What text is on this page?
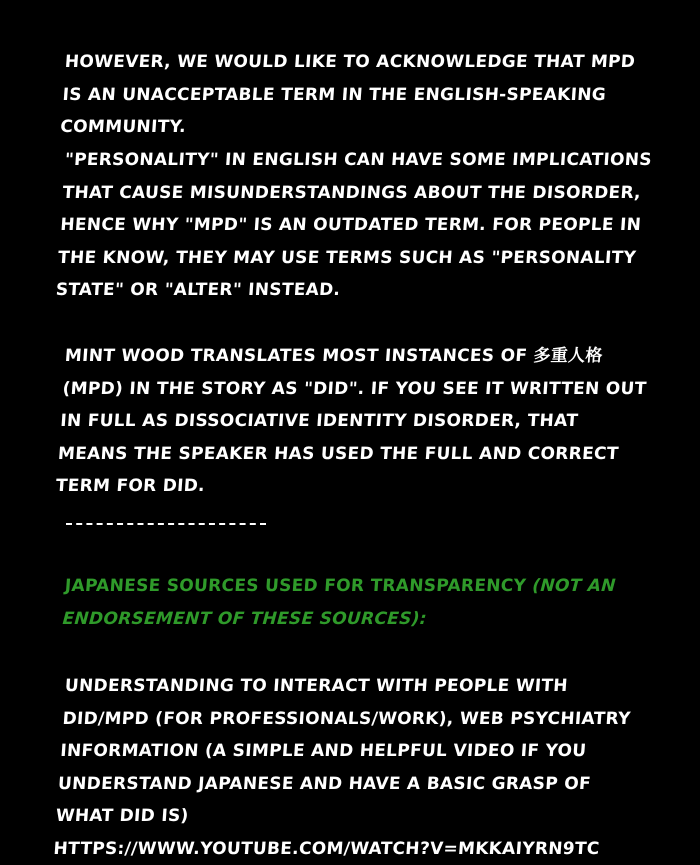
HOWEVER, WE WOULD LIKE TO ACKNOWLEDGE THAT MPD IS AN UNACCEPTABLE TERM IN THE ENGLISH-SPEAKING COMMUNITY.

"PERSONALITY" IN ENGLISH CAN HAVE SOME IMPLICATIONS THAT CAUSE MISUNDERSTANDINGS ABOUT THE DISORDER, HENCE WHY "MPD" IS AN OUTDATED TERM. FOR PEOPLE IN THE KNOW, THEY MAY USE TERMS SUCH AS "PERSONALITY STATE" OR "ALTER" INSTEAD.

MINT WOOD TRANSLATES MOST INSTANCES OF 多重人格(MPD) IN THE STORY AS "DID". IF YOU SEE IT WRITTEN OUT IN FULL AS DISSOCIATIVE IDENTITY DISORDER, THAT MEANS THE SPEAKER HAS USED THE FULL AND CORRECT TERM FOR DID.

JAPANESE SOURCES USED FOR TRANSPARENCY (NOT AN ENDORSEMENT OF THESE SOURCES):

UNDERSTANDING TO INTERACT WITH PEOPLE WITH DID/MPD (FOR PROFESSIONALS/WORK), WEB PSYCHIATRY INFORMATION (A SIMPLE AND HELPFUL VIDEO IF YOU UNDERSTAND JAPANESE AND HAVE A BASIC GRASP OF WHAT DID IS)
HTTPS://WWW.YOUTUBE.COM/WATCH?V=MKKAIYRN9TC
